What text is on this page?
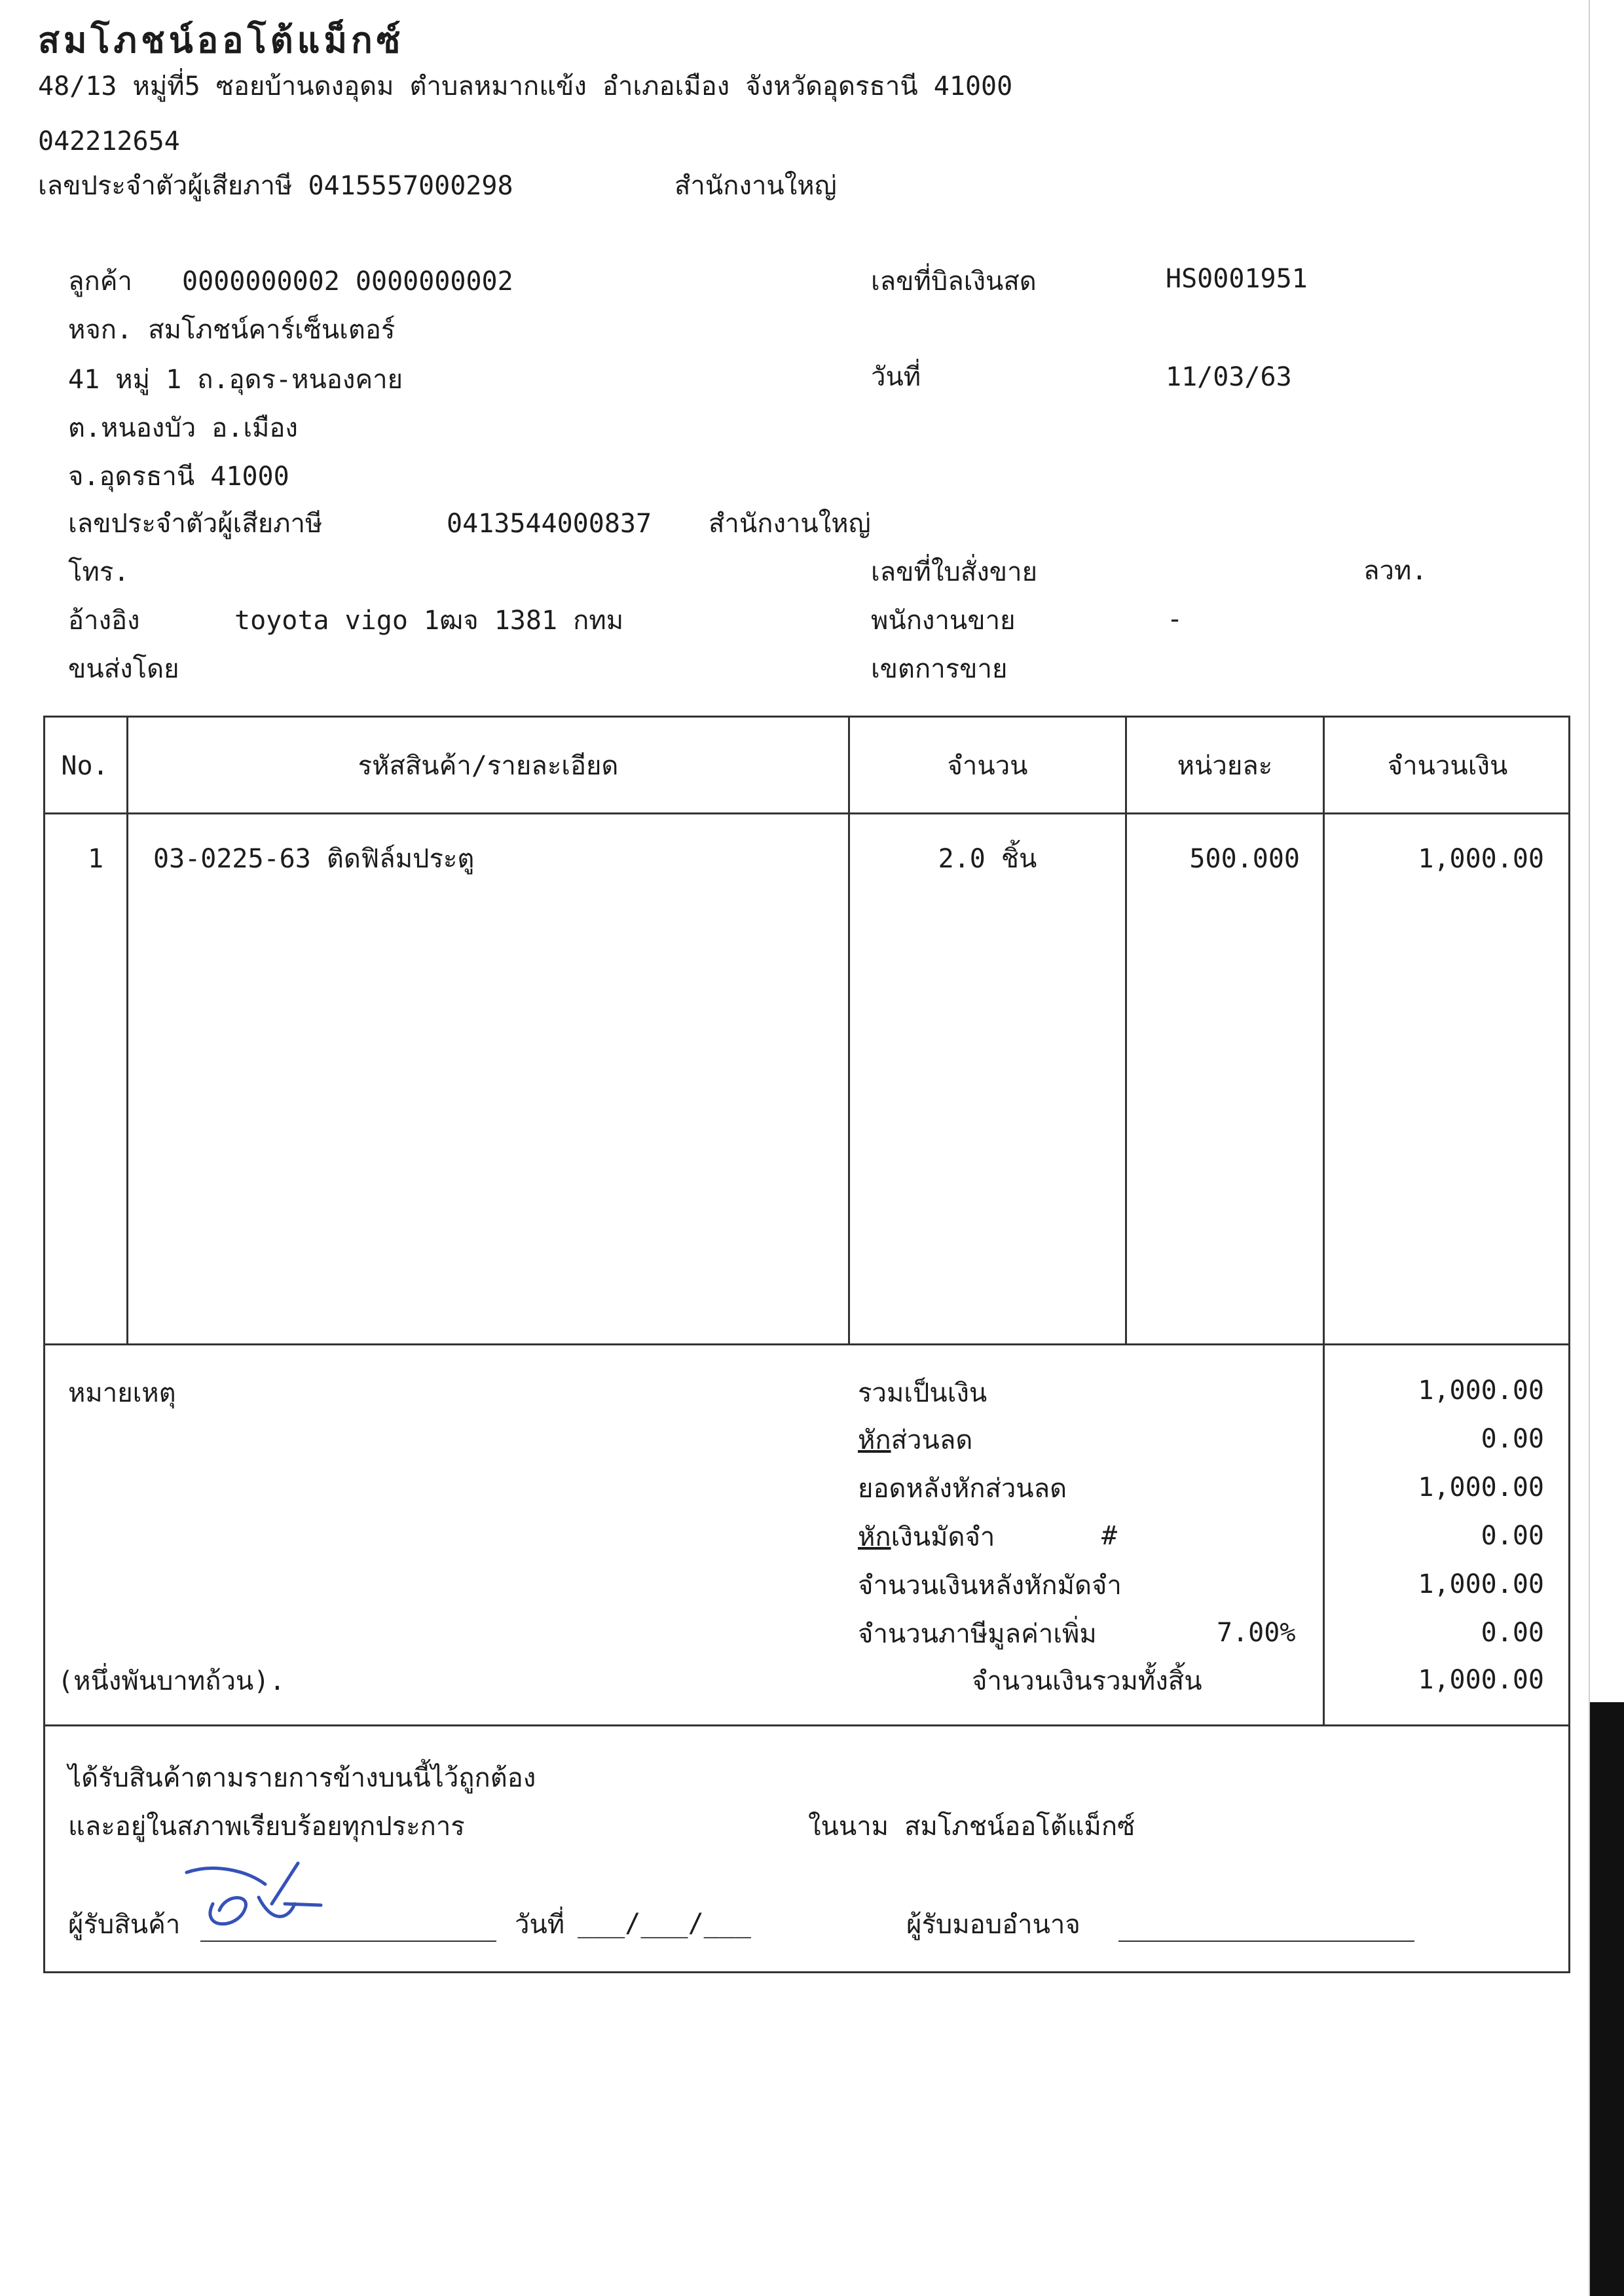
สมโภชน์ออโต้แม็กซ์
48/13 หมู่ที่5 ซอยบ้านดงอุดม ตำบลหมากแข้ง อำเภอเมือง จังหวัดอุดรธานี 41000
042212654
เลขประจำตัวผู้เสียภาษี 0415557000298	สำนักงานใหญ่
ลูกค้า 0000000002 0000000002
หจก. สมโภชน์คาร์เซ็นเตอร์
41 หมู่ 1 ถ.อุดร-หนองคาย
ต.หนองบัว อ.เมือง
จ.อุดรธานี 41000
เลขประจำตัวผู้เสียภาษี	0413544000837 สำนักงานใหญ่
โทร.
อ้างอิง	toyota vigo 1ฒจ 1381 กทม
ขนส่งโดย
เลขที่บิลเงินสด	HS0001951
วันที่	11/03/63
เลขที่ใบสั่งขาย	ลวท.
พนักงานขาย	-
เขตการขาย
No.	รหัสสินค้า/รายละเอียด	จำนวน	หน่วยละ	จำนวนเงิน
1	03-0225-63 ติดฟิล์มประตู	2.0 ชิ้น	500.000	1,000.00
หมายเหตุ	รวมเป็นเงิน	1,000.00
หักส่วนลด	0.00
ยอดหลังหักส่วนลด	1,000.00
หักเงินมัดจำ	#	0.00
จำนวนเงินหลังหักมัดจำ	1,000.00
จำนวนภาษีมูลค่าเพิ่ม	7.00%	0.00
(หนึ่งพันบาทถ้วน).	จำนวนเงินรวมทั้งสิ้น	1,000.00
ได้รับสินค้าตามรายการข้างบนนี้ไว้ถูกต้อง
และอยู่ในสภาพเรียบร้อยทุกประการ	ในนาม สมโภชน์ออโต้แม็กซ์
ผู้รับสินค้า	วันที่ ___/___/___	ผู้รับมอบอำนาจ
